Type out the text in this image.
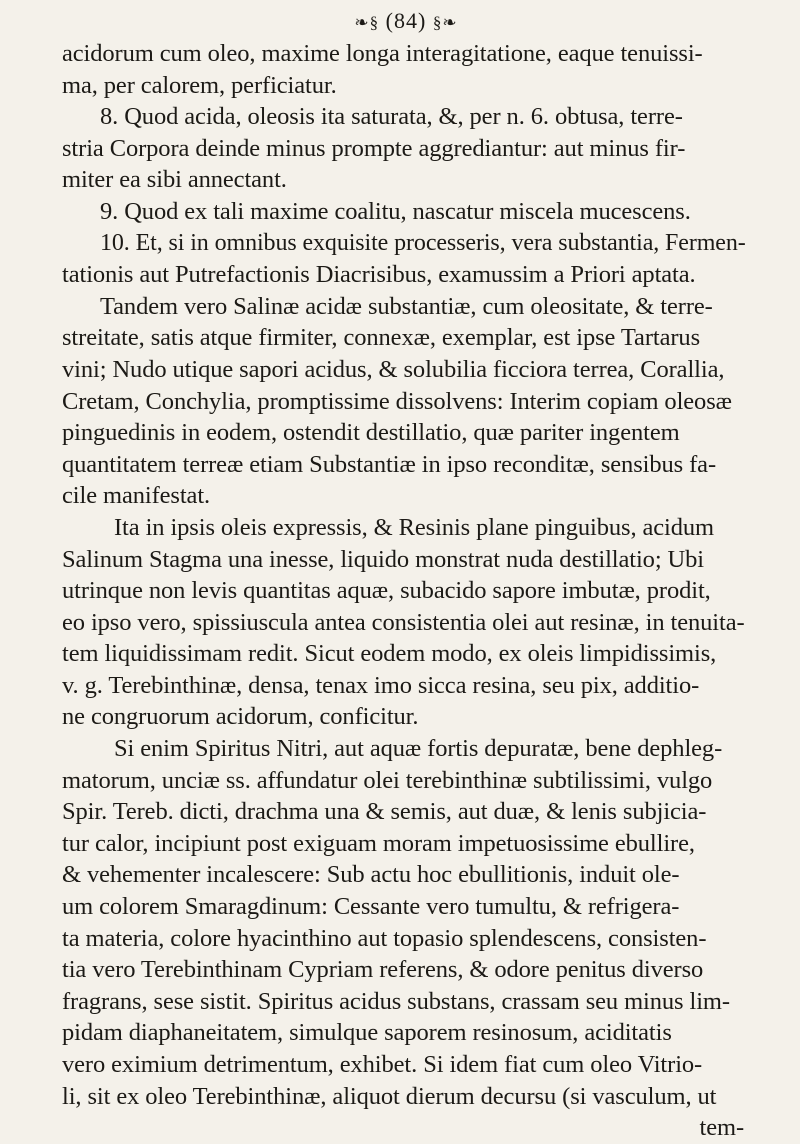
❧§ (84) §❧

acidorum cum oleo, maxime longa interagitatione, eaque tenuissi-

ma, per calorem, perficiatur.

8. Quod acida, oleosis ita saturata, &, per n. 6. obtusa, terre-

stria Corpora deinde minus prompte aggrediantur: aut minus fir-

miter ea sibi annectant.

9. Quod ex tali maxime coalitu, nascatur miscela mucescens.

10. Et, si in omnibus exquisite processeris, vera substantia, Fermen-

tationis aut Putrefactionis Diacrisibus, examussim a Priori aptata.

Tandem vero Salinæ acidæ substantiæ, cum oleositate, & terre-

streitate, satis atque firmiter, connexæ, exemplar, est ipse Tartarus

vini; Nudo utique sapori acidus, & solubilia ficciora terrea, Corallia,

Cretam, Conchylia, promptissime dissolvens: Interim copiam oleosæ

pinguedinis in eodem, ostendit destillatio, quæ pariter ingentem

quantitatem terreæ etiam Substantiæ in ipso reconditæ, sensibus fa-

cile manifestat.

Ita in ipsis oleis expressis, & Resinis plane pinguibus, acidum

Salinum Stagma una inesse, liquido monstrat nuda destillatio; Ubi

utrinque non levis quantitas aquæ, subacido sapore imbutæ, prodit,

eo ipso vero, spissiuscula antea consistentia olei aut resinæ, in tenuita-

tem liquidissimam redit. Sicut eodem modo, ex oleis limpidissimis,

v. g. Terebinthinæ, densa, tenax imo sicca resina, seu pix, additio-

ne congruorum acidorum, conficitur.

Si enim Spiritus Nitri, aut aquæ fortis depuratæ, bene dephleg-

matorum, unciæ ss. affundatur olei terebinthinæ subtilissimi, vulgo

Spir. Tereb. dicti, drachma una & semis, aut duæ, & lenis subjicia-

tur calor, incipiunt post exiguam moram impetuosissime ebullire,

& vehementer incalescere: Sub actu hoc ebullitionis, induit ole-

um colorem Smaragdinum: Cessante vero tumultu, & refrigera-

ta materia, colore hyacinthino aut topasio splendescens, consisten-

tia vero Terebinthinam Cypriam referens, & odore penitus diverso

fragrans, sese sistit. Spiritus acidus substans, crassam seu minus lim-

pidam diaphaneitatem, simulque saporem resinosum, aciditatis

vero eximium detrimentum, exhibet. Si idem fiat cum oleo Vitrio-

li, sit ex oleo Terebinthinæ, aliquot dierum decursu (si vasculum, ut

tem-
